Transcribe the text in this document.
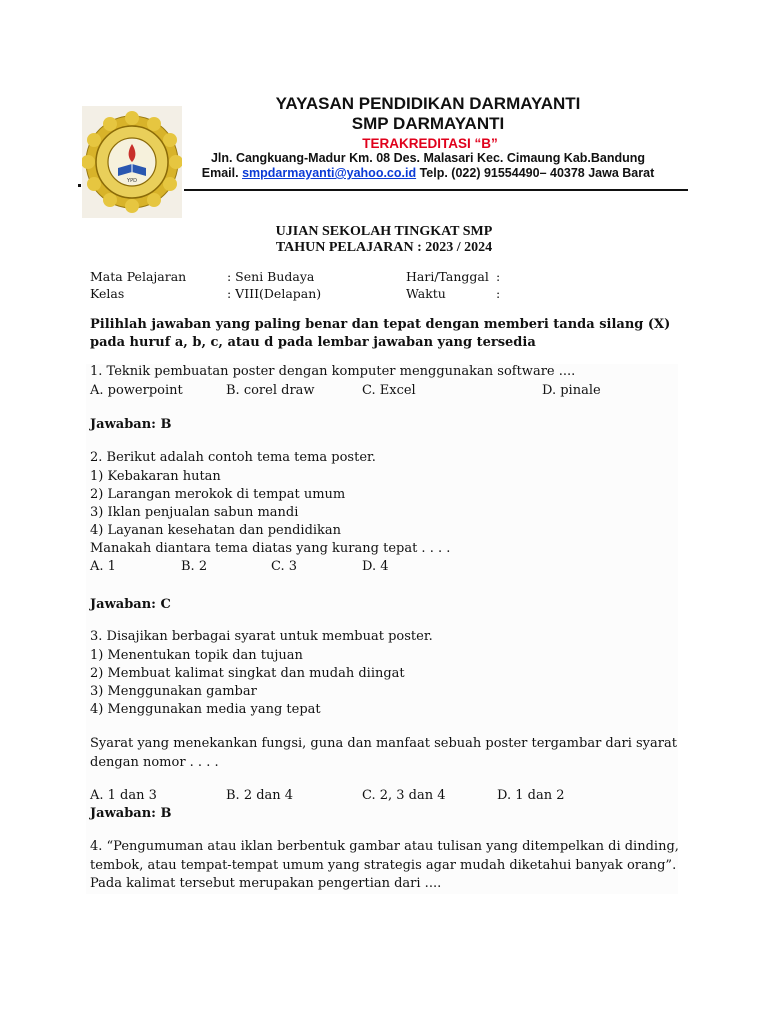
YPD
YAYASAN PENDIDIKAN DARMAYANTI
SMP DARMAYANTI
TERAKREDITASI “B”
Jln. Cangkuang-Madur Km. 08 Des. Malasari Kec. Cimaung Kab.Bandung
Email. smpdarmayanti@yahoo.co.id Telp. (022) 91554490– 40378 Jawa Barat
UJIAN SEKOLAH TINGKAT SMP
TAHUN PELAJARAN : 2023 / 2024
Mata Pelajaran	: Seni Budaya	Hari/Tanggal :
Kelas	: VIII(Delapan)	Waktu	:
Pilihlah jawaban yang paling benar dan tepat dengan memberi tanda silang (X) pada huruf a, b, c, atau d pada lembar jawaban yang tersedia
1. Teknik pembuatan poster dengan komputer menggunakan software ....
A. powerpoint	B. corel draw	C. Excel	D. pinale
Jawaban: B
2. Berikut adalah contoh tema tema poster.
1) Kebakaran hutan
2) Larangan merokok di tempat umum
3) Iklan penjualan sabun mandi
4) Layanan kesehatan dan pendidikan
Manakah diantara tema diatas yang kurang tepat . . . .
A. 1	B. 2	C. 3	D. 4
Jawaban: C
3. Disajikan berbagai syarat untuk membuat poster.
1) Menentukan topik dan tujuan
2) Membuat kalimat singkat dan mudah diingat
3) Menggunakan gambar
4) Menggunakan media yang tepat
Syarat yang menekankan fungsi, guna dan manfaat sebuah poster tergambar dari syarat
dengan nomor . . . .
A. 1 dan 3	B. 2 dan 4	C. 2, 3 dan 4	D. 1 dan 2
Jawaban: B
4. “Pengumuman atau iklan berbentuk gambar atau tulisan yang ditempelkan di dinding,
tembok, atau tempat-tempat umum yang strategis agar mudah diketahui banyak orang”.
Pada kalimat tersebut merupakan pengertian dari ....
